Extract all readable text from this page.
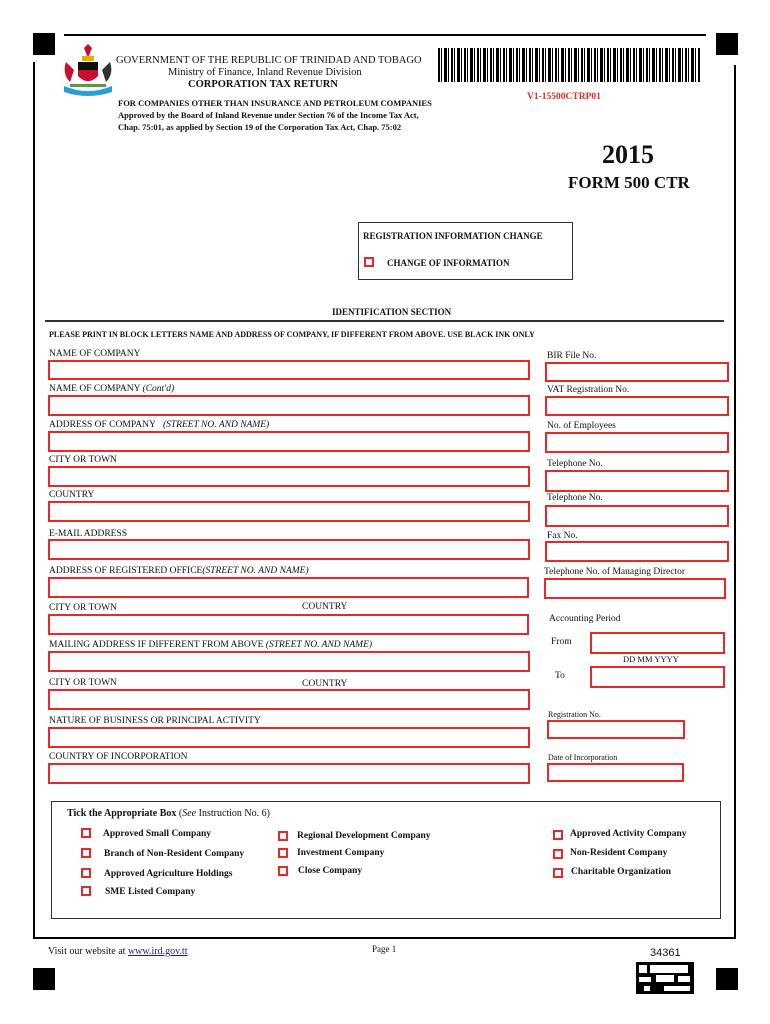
GOVERNMENT OF THE REPUBLIC OF TRINIDAD AND TOBAGO
Ministry of Finance, Inland Revenue Division
CORPORATION TAX RETURN
FOR COMPANIES OTHER THAN INSURANCE AND PETROLEUM COMPANIES
Approved by the Board of Inland Revenue under Section 76 of the Income Tax Act,
Chap. 75:01, as applied by Section 19 of the Corporation Tax Act, Chap. 75:02
V1-15500CTRP01
2015
FORM 500 CTR
REGISTRATION INFORMATION CHANGE
CHANGE OF INFORMATION
IDENTIFICATION SECTION
PLEASE PRINT IN BLOCK LETTERS NAME AND ADDRESS OF COMPANY, IF DIFFERENT FROM ABOVE. USE BLACK INK ONLY
NAME OF COMPANY
NAME OF COMPANY (Cont'd)
ADDRESS OF COMPANY (STREET NO. AND NAME)
CITY OR TOWN
COUNTRY
E-MAIL ADDRESS
ADDRESS OF REGISTERED OFFICE(STREET NO. AND NAME)
CITY OR TOWN	COUNTRY
MAILING ADDRESS IF DIFFERENT FROM ABOVE (STREET NO. AND NAME)
CITY OR TOWN	COUNTRY
NATURE OF BUSINESS OR PRINCIPAL ACTIVITY
COUNTRY OF INCORPORATION
BIR File No.
VAT Registration No.
No. of Employees
Telephone No.
Telephone No.
Fax No.
Telephone No. of Managing Director
Accounting Period
From
DD MM YYYY
To
Registration No.
Date of Incorporation
Tick the Appropriate Box (See Instruction No. 6)
Approved Small Company
Branch of Non-Resident Company
Approved Agriculture Holdings
SME Listed Company
Regional Development Company
Investment Company
Close Company
Approved Activity Company
Non-Resident Company
Charitable Organization
Visit our website at www.ird.gov.tt	Page 1	34361
